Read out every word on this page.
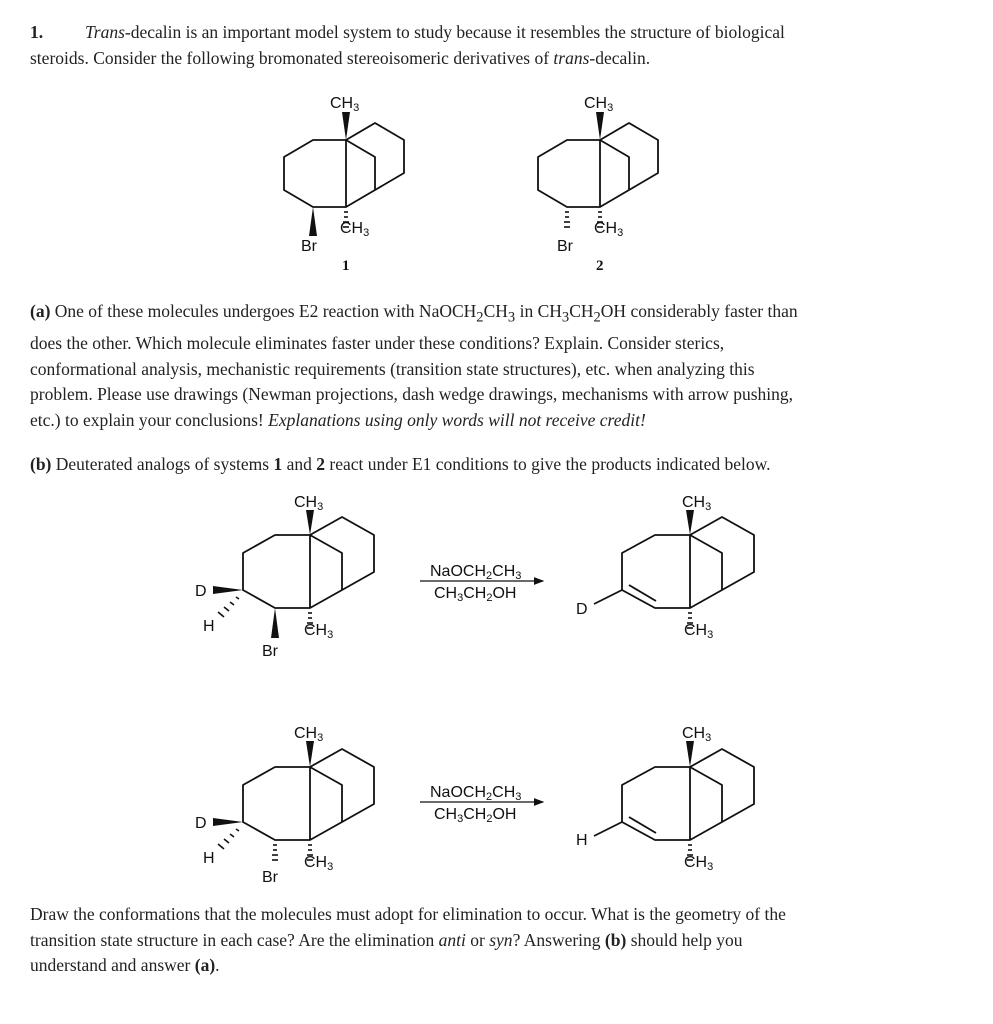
1. Trans-decalin is an important model system to study because it resembles the structure of biological
steroids. Consider the following bromonated stereoisomeric derivatives of trans-decalin.
(a) One of these molecules undergoes E2 reaction with $NaOCH_2CH_3$ in $CH_3CH_2OH$ considerably faster than
does the other. Which molecule eliminates faster under these conditions? Explain. Consider sterics,
conformational analysis, mechanistic requirements (transition state structures), etc. when analyzing this
problem. Please use drawings (Newman projections, dash wedge drawings, mechanisms with arrow pushing,
etc.) to explain your conclusions! Explanations using only words will not receive credit!
(b) Deuterated analogs of systems 1 and 2 react under E1 conditions to give the products indicated below.
Draw the conformations that the molecules must adopt for elimination to occur. What is the geometry of the
transition state structure in each case? Are the elimination anti or syn? Answering (b) should help you
understand and answer (a).
CH3
CH3
Br
1
CH3
CH3
Br
2
CH3
CH3
D
H
Br
NaOCH2CH3
CH3CH2OH
CH3
CH3
D
CH3
CH3
D
H
Br
NaOCH2CH3
CH3CH2OH
CH3
CH3
H
